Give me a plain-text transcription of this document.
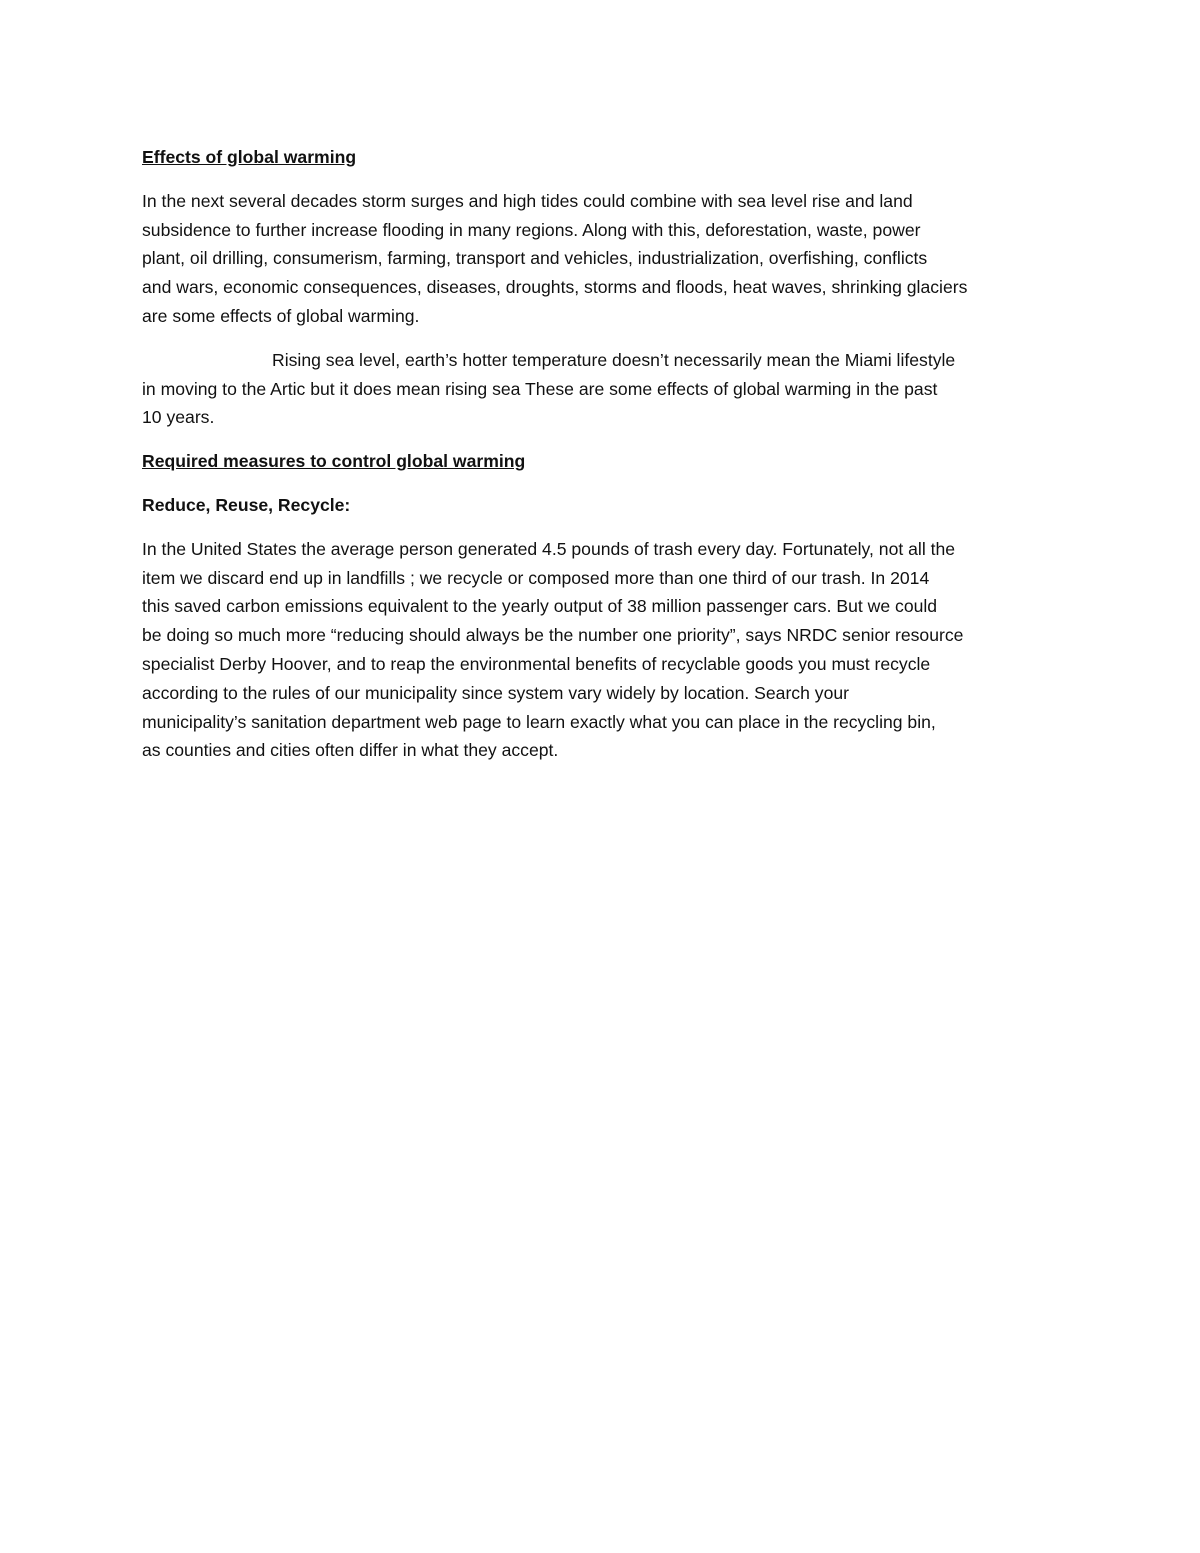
Effects of global warming

In the next several decades storm surges and high tides could combine with sea level rise and land
subsidence to further increase flooding in many regions. Along with this, deforestation, waste, power
plant, oil drilling, consumerism, farming, transport and vehicles, industrialization, overfishing, conflicts
and wars, economic consequences, diseases, droughts, storms and floods, heat waves, shrinking glaciers
are some effects of global warming.

Rising sea level, earth’s hotter temperature doesn’t necessarily mean the Miami lifestyle
in moving to the Artic but it does mean rising sea These are some effects of global warming in the past
10 years.

Required measures to control global warming

Reduce, Reuse, Recycle:

In the United States the average person generated 4.5 pounds of trash every day. Fortunately, not all the
item we discard end up in landfills ; we recycle or composed more than one third of our trash. In 2014
this saved carbon emissions equivalent to the yearly output of 38 million passenger cars. But we could
be doing so much more “reducing should always be the number one priority”, says NRDC senior resource
specialist Derby Hoover, and to reap the environmental benefits of recyclable goods you must recycle
according to the rules of our municipality since system vary widely by location. Search your
municipality’s sanitation department web page to learn exactly what you can place in the recycling bin,
as counties and cities often differ in what they accept.
